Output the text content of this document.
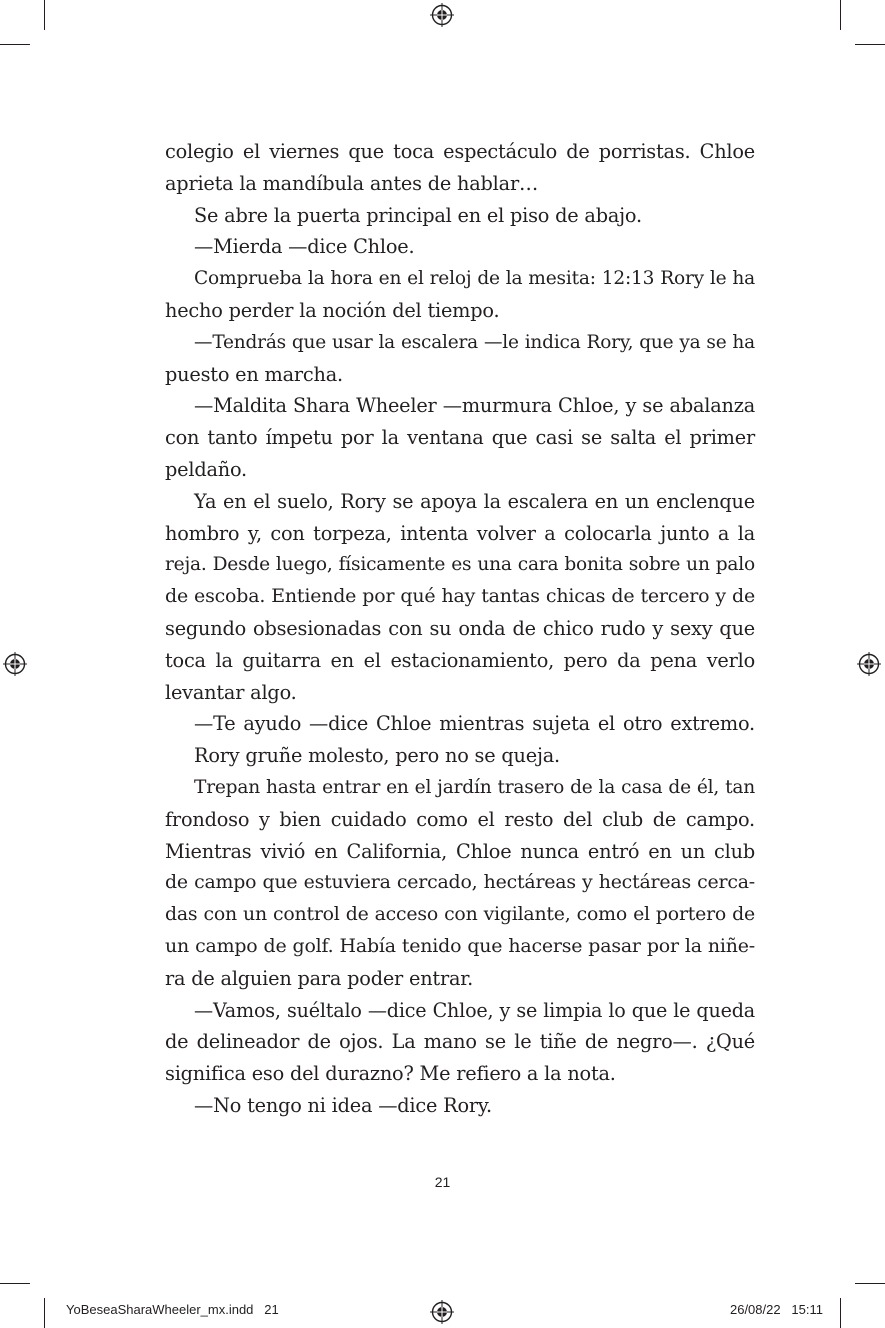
colegio el viernes que toca espectáculo de porristas. Chloe
aprieta la mandíbula antes de hablar…
Se abre la puerta principal en el piso de abajo.
—Mierda —dice Chloe.
Comprueba la hora en el reloj de la mesita: 12:13 Rory le ha
hecho perder la noción del tiempo.
—Tendrás que usar la escalera —le indica Rory, que ya se ha
puesto en marcha.
—Maldita Shara Wheeler —murmura Chloe, y se abalanza
con tanto ímpetu por la ventana que casi se salta el primer
peldaño.
Ya en el suelo, Rory se apoya la escalera en un enclenque
hombro y, con torpeza, intenta volver a colocarla junto a la
reja. Desde luego, físicamente es una cara bonita sobre un palo
de escoba. Entiende por qué hay tantas chicas de tercero y de
segundo obsesionadas con su onda de chico rudo y sexy que
toca la guitarra en el estacionamiento, pero da pena verlo
levantar algo.
—Te ayudo —dice Chloe mientras sujeta el otro extremo.
Rory gruñe molesto, pero no se queja.
Trepan hasta entrar en el jardín trasero de la casa de él, tan
frondoso y bien cuidado como el resto del club de campo.
Mientras vivió en California, Chloe nunca entró en un club
de campo que estuviera cercado, hectáreas y hectáreas cerca-
das con un control de acceso con vigilante, como el portero de
un campo de golf. Había tenido que hacerse pasar por la niñe-
ra de alguien para poder entrar.
—Vamos, suéltalo —dice Chloe, y se limpia lo que le queda
de delineador de ojos. La mano se le tiñe de negro—. ¿Qué
significa eso del durazno? Me refiero a la nota.
—No tengo ni idea —dice Rory.
21
YoBeseaSharaWheeler_mx.indd   21	26/08/22   15:11
